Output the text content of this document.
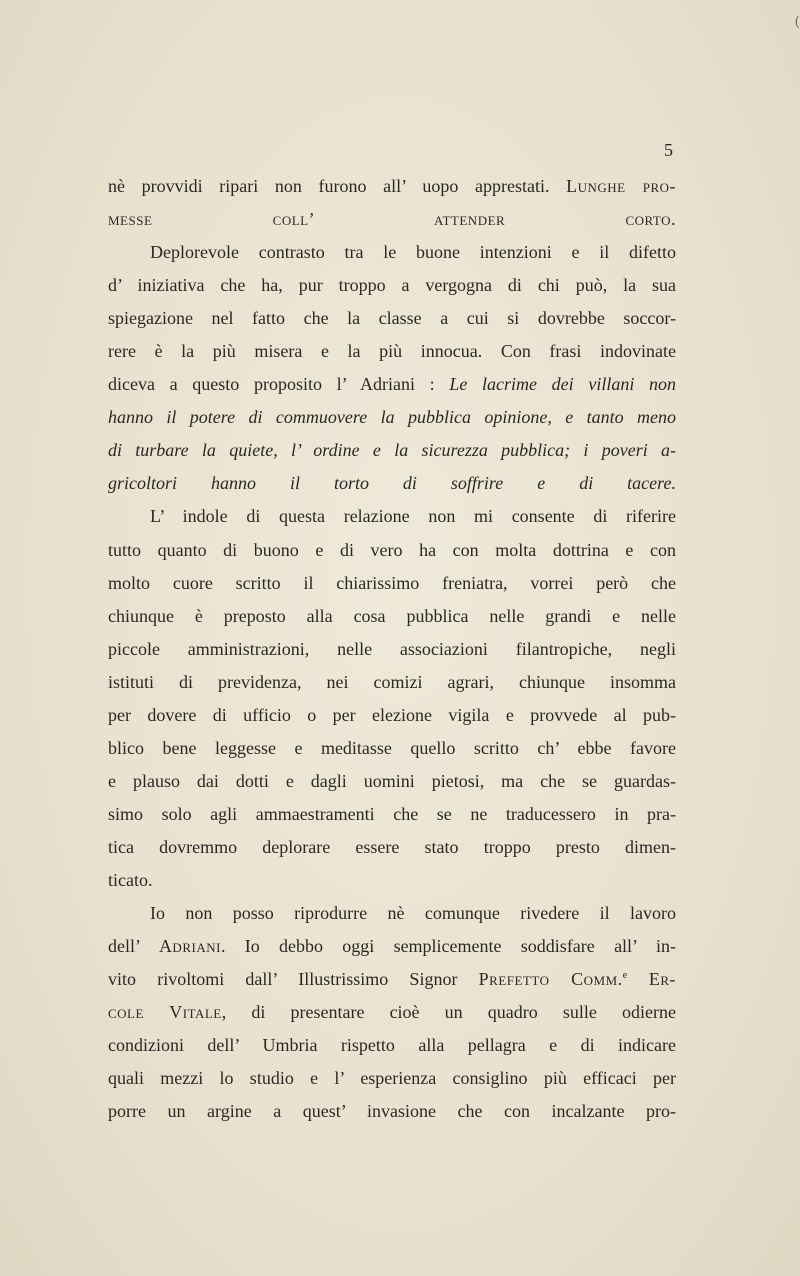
5
(
nè provvidi ripari non furono all’ uopo apprestati. Lunghe pro-
messe coll’ attender corto.
Deplorevole contrasto tra le buone intenzioni e il difetto
d’ iniziativa che ha, pur troppo a vergogna di chi può, la sua
spiegazione nel fatto che la classe a cui si dovrebbe soccor-
rere è la più misera e la più innocua. Con frasi indovinate
diceva a questo proposito l’ Adriani : Le lacrime dei villani non
hanno il potere di commuovere la pubblica opinione, e tanto meno
di turbare la quiete, l’ ordine e la sicurezza pubblica; i poveri a-
gricoltori hanno il torto di soffrire e di tacere.
L’ indole di questa relazione non mi consente di riferire
tutto quanto di buono e di vero ha con molta dottrina e con
molto cuore scritto il chiarissimo freniatra, vorrei però che
chiunque è preposto alla cosa pubblica nelle grandi e nelle
piccole amministrazioni, nelle associazioni filantropiche, negli
istituti di previdenza, nei comizi agrari, chiunque insomma
per dovere di ufficio o per elezione vigila e provvede al pub-
blico bene leggesse e meditasse quello scritto ch’ ebbe favore
e plauso dai dotti e dagli uomini pietosi, ma che se guardas-
simo solo agli ammaestramenti che se ne traducessero in pra-
tica dovremmo deplorare essere stato troppo presto dimen-
ticato.
Io non posso riprodurre nè comunque rivedere il lavoro
dell’ Adriani. Io debbo oggi semplicemente soddisfare all’ in-
vito rivoltomi dall’ Illustrissimo Signor Prefetto Comm.$^e$ Er-
cole Vitale, di presentare cioè un quadro sulle odierne
condizioni dell’ Umbria rispetto alla pellagra e di indicare
quali mezzi lo studio e l’ esperienza consiglino più efficaci per
porre un argine a quest’ invasione che con incalzante pro-
